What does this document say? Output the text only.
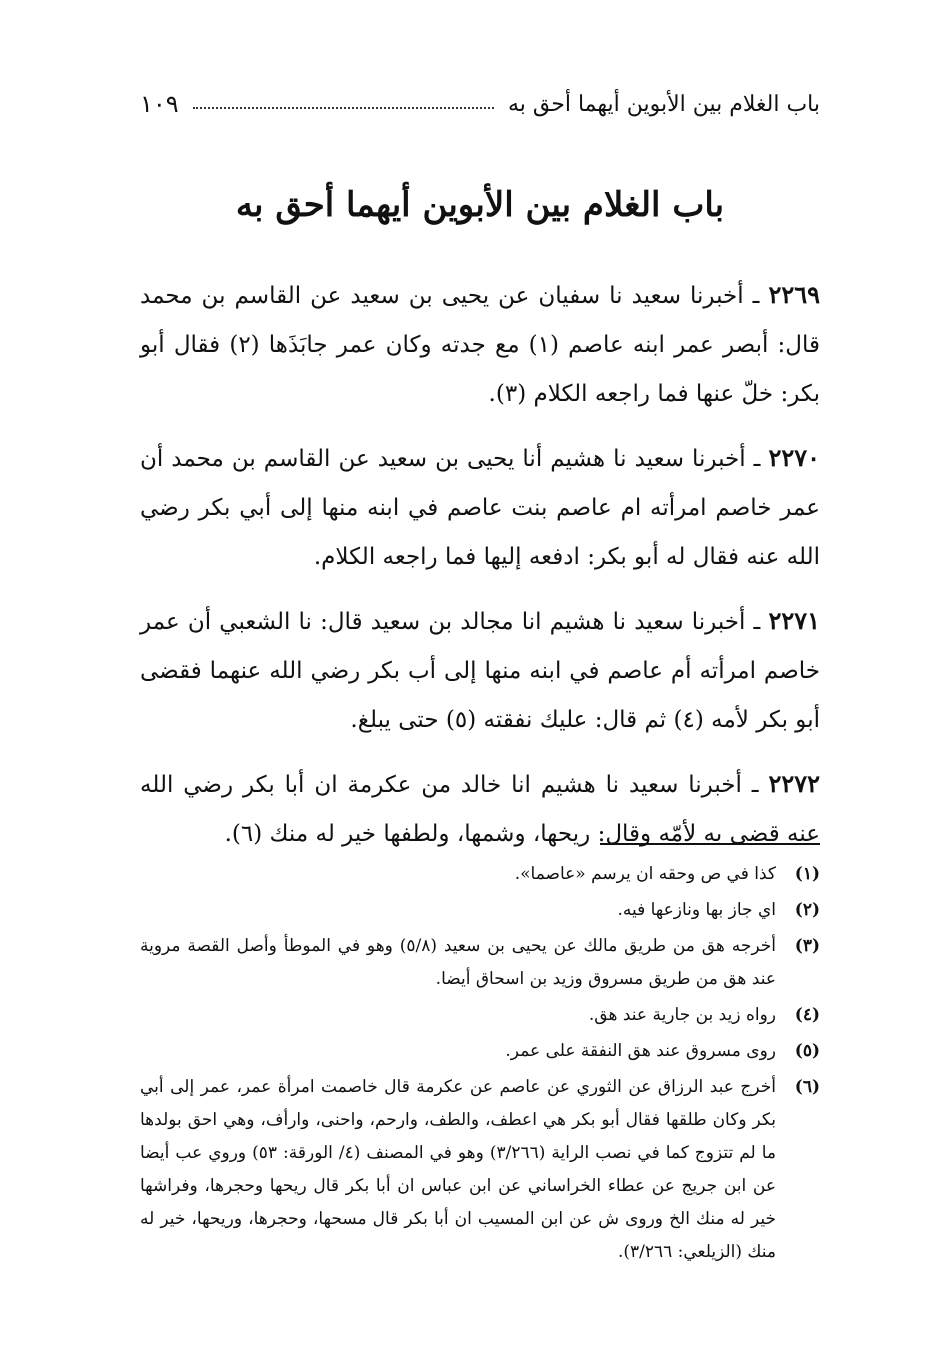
باب الغلام بين الأبوين أيهما أحق به
١٠٩
باب الغلام بين الأبوين أيهما أحق به

٢٢٦٩ ـ أخبرنا سعيد نا سفيان عن يحيى بن سعيد عن القاسم بن محمد قال: أبصر عمر ابنه عاصم (١) مع جدته وكان عمر جابَذَها (٢) فقال أبو بكر: خلّ عنها فما راجعه الكلام (٣).

٢٢٧٠ ـ أخبرنا سعيد نا هشيم أنا يحيى بن سعيد عن القاسم بن محمد أن عمر خاصم امرأته ام عاصم بنت عاصم في ابنه منها إلى أبي بكر رضي الله عنه فقال له أبو بكر: ادفعه إليها فما راجعه الكلام.

٢٢٧١ ـ أخبرنا سعيد نا هشيم انا مجالد بن سعيد قال: نا الشعبي أن عمر خاصم امرأته أم عاصم في ابنه منها إلى أب بكر رضي الله عنهما فقضى أبو بكر لأمه (٤) ثم قال: عليك نفقته (٥) حتى يبلغ.

٢٢٧٢ ـ أخبرنا سعيد نا هشيم انا خالد من عكرمة ان أبا بكر رضي الله عنه قضى به لأمّه وقال: ريحها، وشمها، ولطفها خير له منك (٦).

(١)
كذا في ص وحقه ان يرسم «عاصما».
(٢)
اي جاز بها ونازعها فيه.
(٣)
أخرجه هق من طريق مالك عن يحيى بن سعيد (٥/٨) وهو في الموطأ وأصل القصة مروية عند هق من طريق مسروق وزيد بن اسحاق أيضا.
(٤)
رواه زيد بن جارية عند هق.
(٥)
روى مسروق عند هق النفقة على عمر.
(٦)
أخرج عبد الرزاق عن الثوري عن عاصم عن عكرمة قال خاصمت امرأة عمر، عمر إلى أبي بكر وكان طلقها فقال أبو بكر هي اعطف، والطف، وارحم، واحنى، وارأف، وهي احق بولدها ما لم تتزوج كما في نصب الراية (٣/٢٦٦) وهو في المصنف (٤/ الورقة: ٥٣) وروي عب أيضا عن ابن جريج عن عطاء الخراساني عن ابن عباس ان أبا بكر قال ريحها وحجرها، وفراشها خير له منك الخ وروى ش عن ابن المسيب ان أبا بكر قال مسحها، وحجرها، وريحها، خير له منك (الزيلعي: ٣/٢٦٦).
